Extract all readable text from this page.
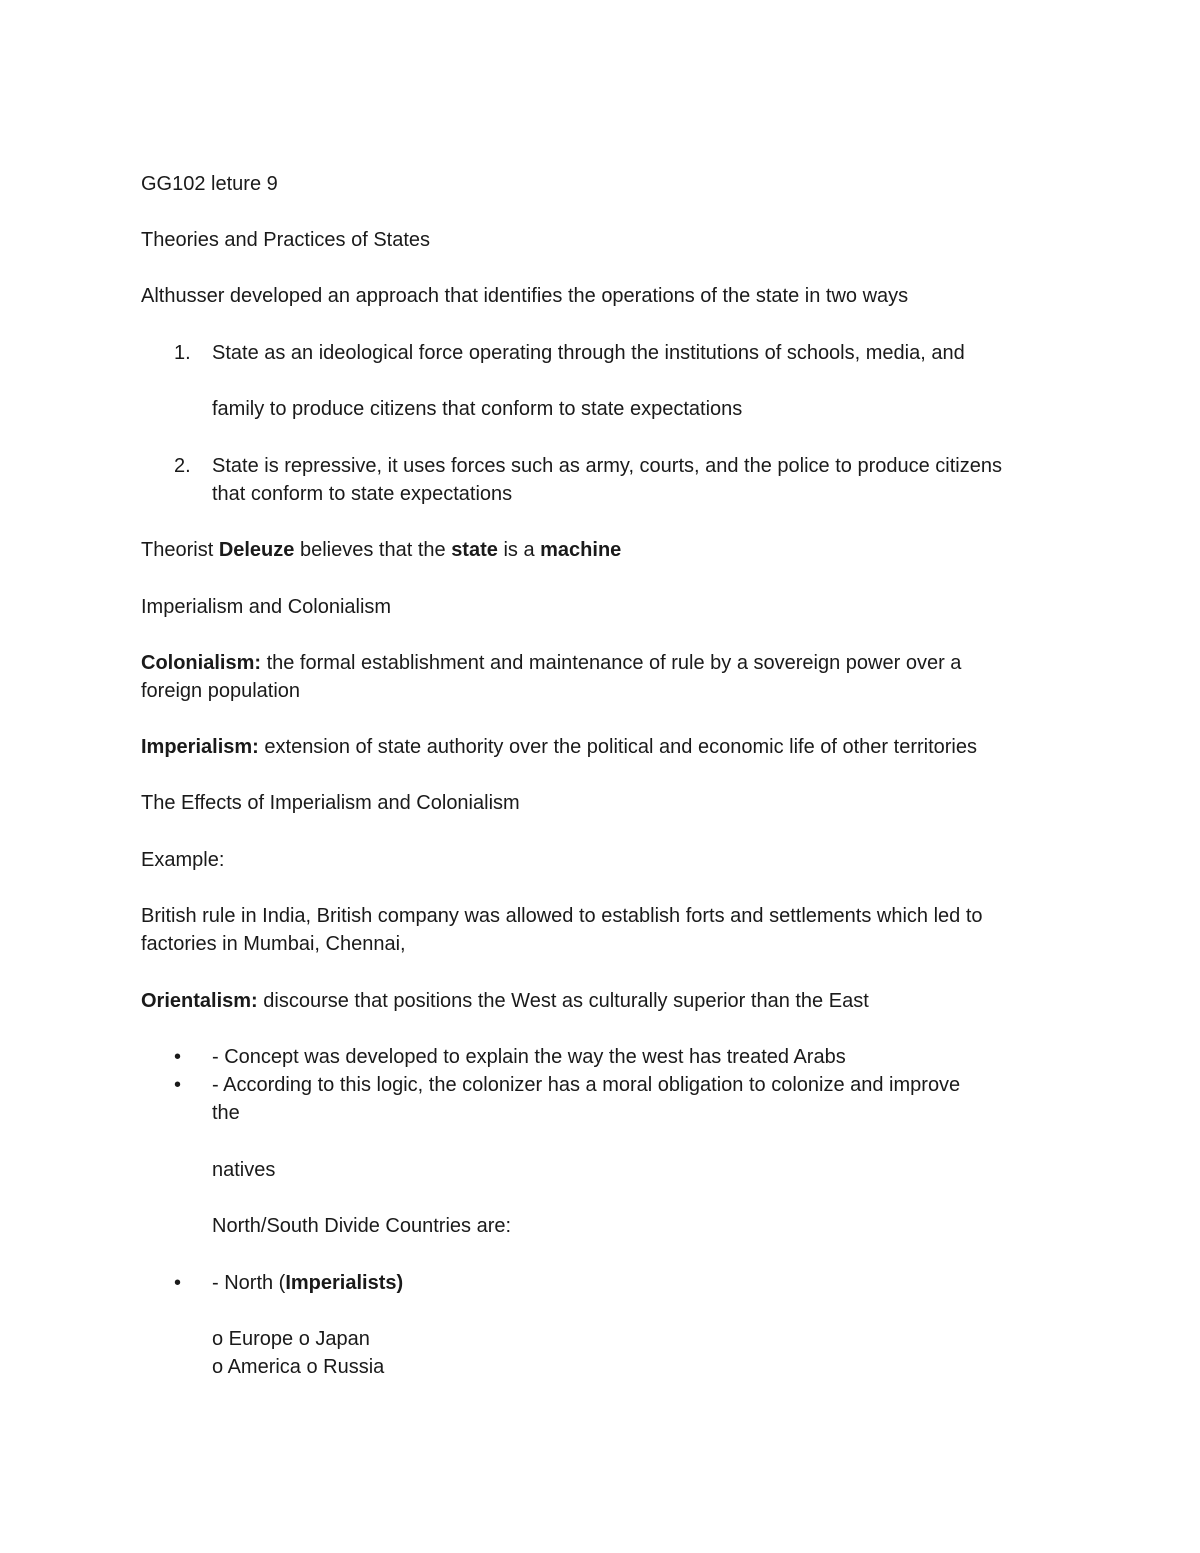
GG102 leture 9
Theories and Practices of States
Althusser developed an approach that identifies the operations of the state in two ways
1. State as an ideological force operating through the institutions of schools, media, and
family to produce citizens that conform to state expectations
2. State is repressive, it uses forces such as army, courts, and the police to produce citizens
that conform to state expectations
Theorist Deleuze believes that the state is a machine
Imperialism and Colonialism
Colonialism: the formal establishment and maintenance of rule by a sovereign power over a
foreign population
Imperialism: extension of state authority over the political and economic life of other territories
The Effects of Imperialism and Colonialism
Example:
British rule in India, British company was allowed to establish forts and settlements which led to
factories in Mumbai, Chennai,
Orientalism: discourse that positions the West as culturally superior than the East
• - Concept was developed to explain the way the west has treated Arabs
• - According to this logic, the colonizer has a moral obligation to colonize and improve
the
natives
North/South Divide Countries are:
• - North (Imperialists)
o Europe o Japan
o America o Russia
